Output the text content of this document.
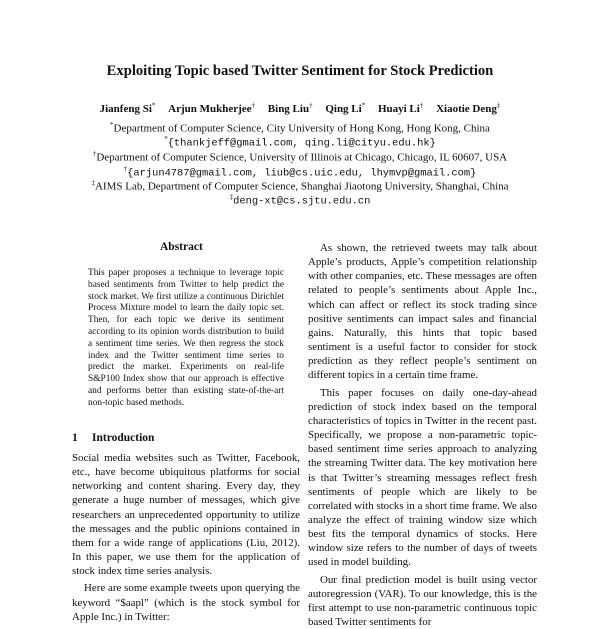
Exploiting Topic based Twitter Sentiment for Stock Prediction
Jianfeng Si* Arjun Mukherjee† Bing Liu† Qing Li* Huayi Li† Xiaotie Deng‡
*Department of Computer Science, City University of Hong Kong, Hong Kong, China
*{thankjeff@gmail.com, qing.li@cityu.edu.hk}
†Department of Computer Science, University of Illinois at Chicago, Chicago, IL 60607, USA
†{arjun4787@gmail.com, liub@cs.uic.edu, lhymvp@gmail.com}
‡AIMS Lab, Department of Computer Science, Shanghai Jiaotong University, Shanghai, China
‡deng-xt@cs.sjtu.edu.cn
Abstract
This paper proposes a technique to leverage topic based sentiments from Twitter to help predict the stock market. We first utilize a continuous Dirichlet Process Mixture model to learn the daily topic set. Then, for each topic we derive its sentiment according to its opinion words distribution to build a sentiment time series. We then regress the stock index and the Twitter sentiment time series to predict the market. Experiments on real-life S&P100 Index show that our approach is effective and performs better than existing state-of-the-art non-topic based methods.
1 Introduction

Social media websites such as Twitter, Facebook, etc., have become ubiquitous platforms for social networking and content sharing. Every day, they generate a huge number of messages, which give researchers an unprecedented opportunity to utilize the messages and the public opinions contained in them for a wide range of applications (Liu, 2012). In this paper, we use them for the application of stock index time series analysis.

Here are some example tweets upon querying the keyword “$aapl” (which is the stock symbol for Apple Inc.) in Twitter:

As shown, the retrieved tweets may talk about Apple’s products, Apple’s competition relationship with other companies, etc. These messages are often related to people’s sentiments about Apple Inc., which can affect or reflect its stock trading since positive sentiments can impact sales and financial gains. Naturally, this hints that topic based sentiment is a useful factor to consider for stock prediction as they reflect people’s sentiment on different topics in a certain time frame.

This paper focuses on daily one-day-ahead prediction of stock index based on the temporal characteristics of topics in Twitter in the recent past. Specifically, we propose a non-parametric topic-based sentiment time series approach to analyzing the streaming Twitter data. The key motivation here is that Twitter’s streaming messages reflect fresh sentiments of people which are likely to be correlated with stocks in a short time frame. We also analyze the effect of training window size which best fits the temporal dynamics of stocks. Here window size refers to the number of days of tweets used in model building.

Our final prediction model is built using vector autoregression (VAR). To our knowledge, this is the first attempt to use non-parametric continuous topic based Twitter sentiments for
